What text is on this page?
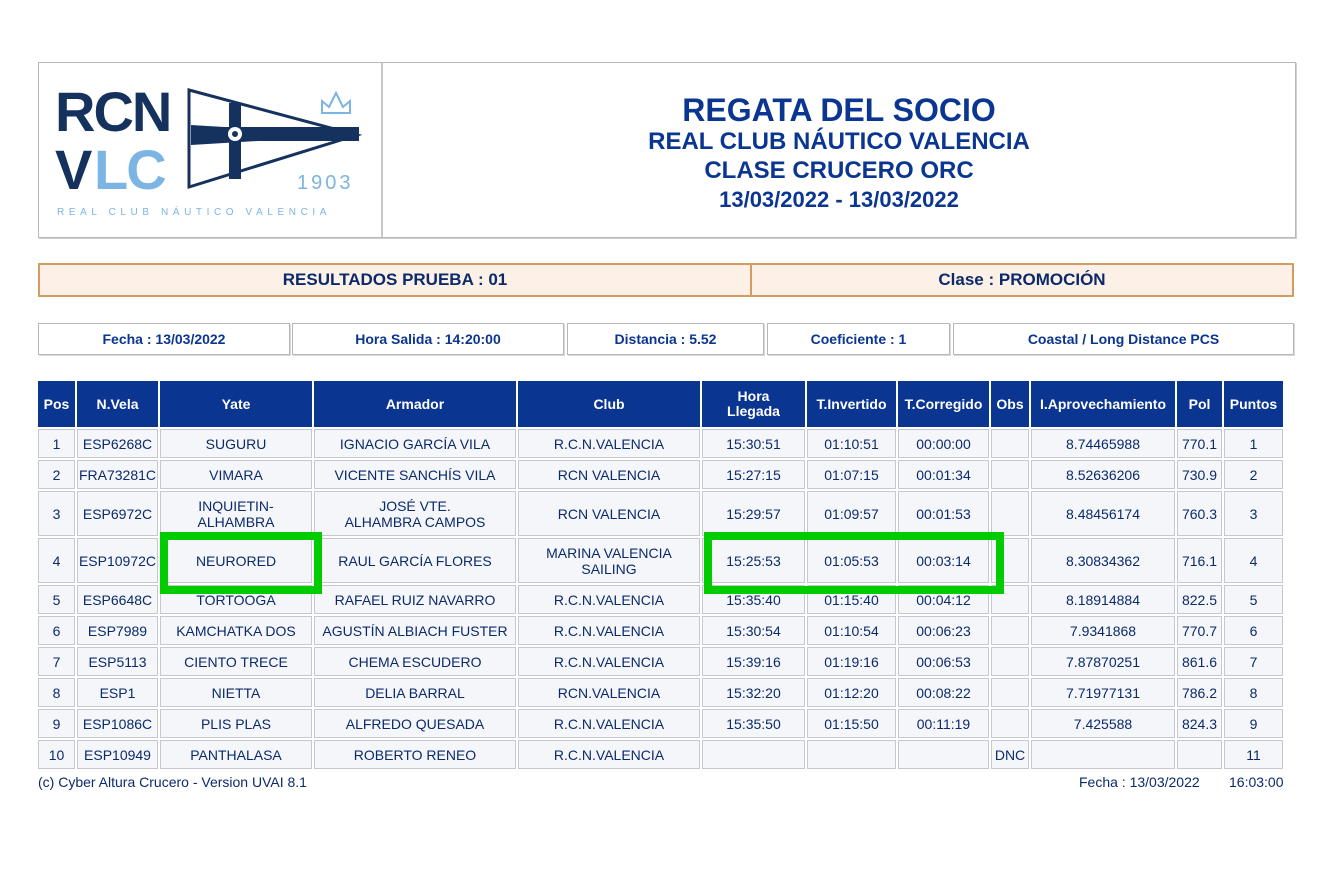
RCN
V LC	1903
REAL CLUB NÁUTICO VALENCIA
REGATA DEL SOCIO
REAL CLUB NÁUTICO VALENCIA
CLASE CRUCERO ORC
13/03/2022 - 13/03/2022
RESULTADOS PRUEBA : 01	Clase : PROMOCIÓN
Fecha : 13/03/2022	Hora Salida : 14:20:00	Distancia : 5.52	Coeficiente : 1	Coastal / Long Distance PCS
Pos	N.Vela	Yate	Armador	Club	Hora Llegada	T.Invertido	T.Corregido	Obs	I.Aprovechamiento	Pol	Puntos
1	ESP6268C	SUGURU	IGNACIO GARCÍA VILA	R.C.N.VALENCIA	15:30:51	01:10:51	00:00:00		8.74465988	770.1	1
2	FRA73281C	VIMARA	VICENTE SANCHÍS VILA	RCN VALENCIA	15:27:15	01:07:15	00:01:34		8.52636206	730.9	2
3	ESP6972C	INQUIETIN-ALHAMBRA	JOSÉ VTE. ALHAMBRA CAMPOS	RCN VALENCIA	15:29:57	01:09:57	00:01:53		8.48456174	760.3	3
4	ESP10972C	NEURORED	RAUL GARCÍA FLORES	MARINA VALENCIA SAILING	15:25:53	01:05:53	00:03:14		8.30834362	716.1	4
5	ESP6648C	TORTOOGA	RAFAEL RUIZ NAVARRO	R.C.N.VALENCIA	15:35:40	01:15:40	00:04:12		8.18914884	822.5	5
6	ESP7989	KAMCHATKA DOS	AGUSTÍN ALBIACH FUSTER	R.C.N.VALENCIA	15:30:54	01:10:54	00:06:23		7.9341868	770.7	6
7	ESP5113	CIENTO TRECE	CHEMA ESCUDERO	R.C.N.VALENCIA	15:39:16	01:19:16	00:06:53		7.87870251	861.6	7
8	ESP1	NIETTA	DELIA BARRAL	RCN.VALENCIA	15:32:20	01:12:20	00:08:22		7.71977131	786.2	8
9	ESP1086C	PLIS PLAS	ALFREDO QUESADA	R.C.N.VALENCIA	15:35:50	01:15:50	00:11:19		7.425588	824.3	9
10	ESP10949	PANTHALASA	ROBERTO RENEO	R.C.N.VALENCIA				DNC			11
(c) Cyber Altura Crucero - Version UVAI 8.1	Fecha : 13/03/2022 16:03:00
